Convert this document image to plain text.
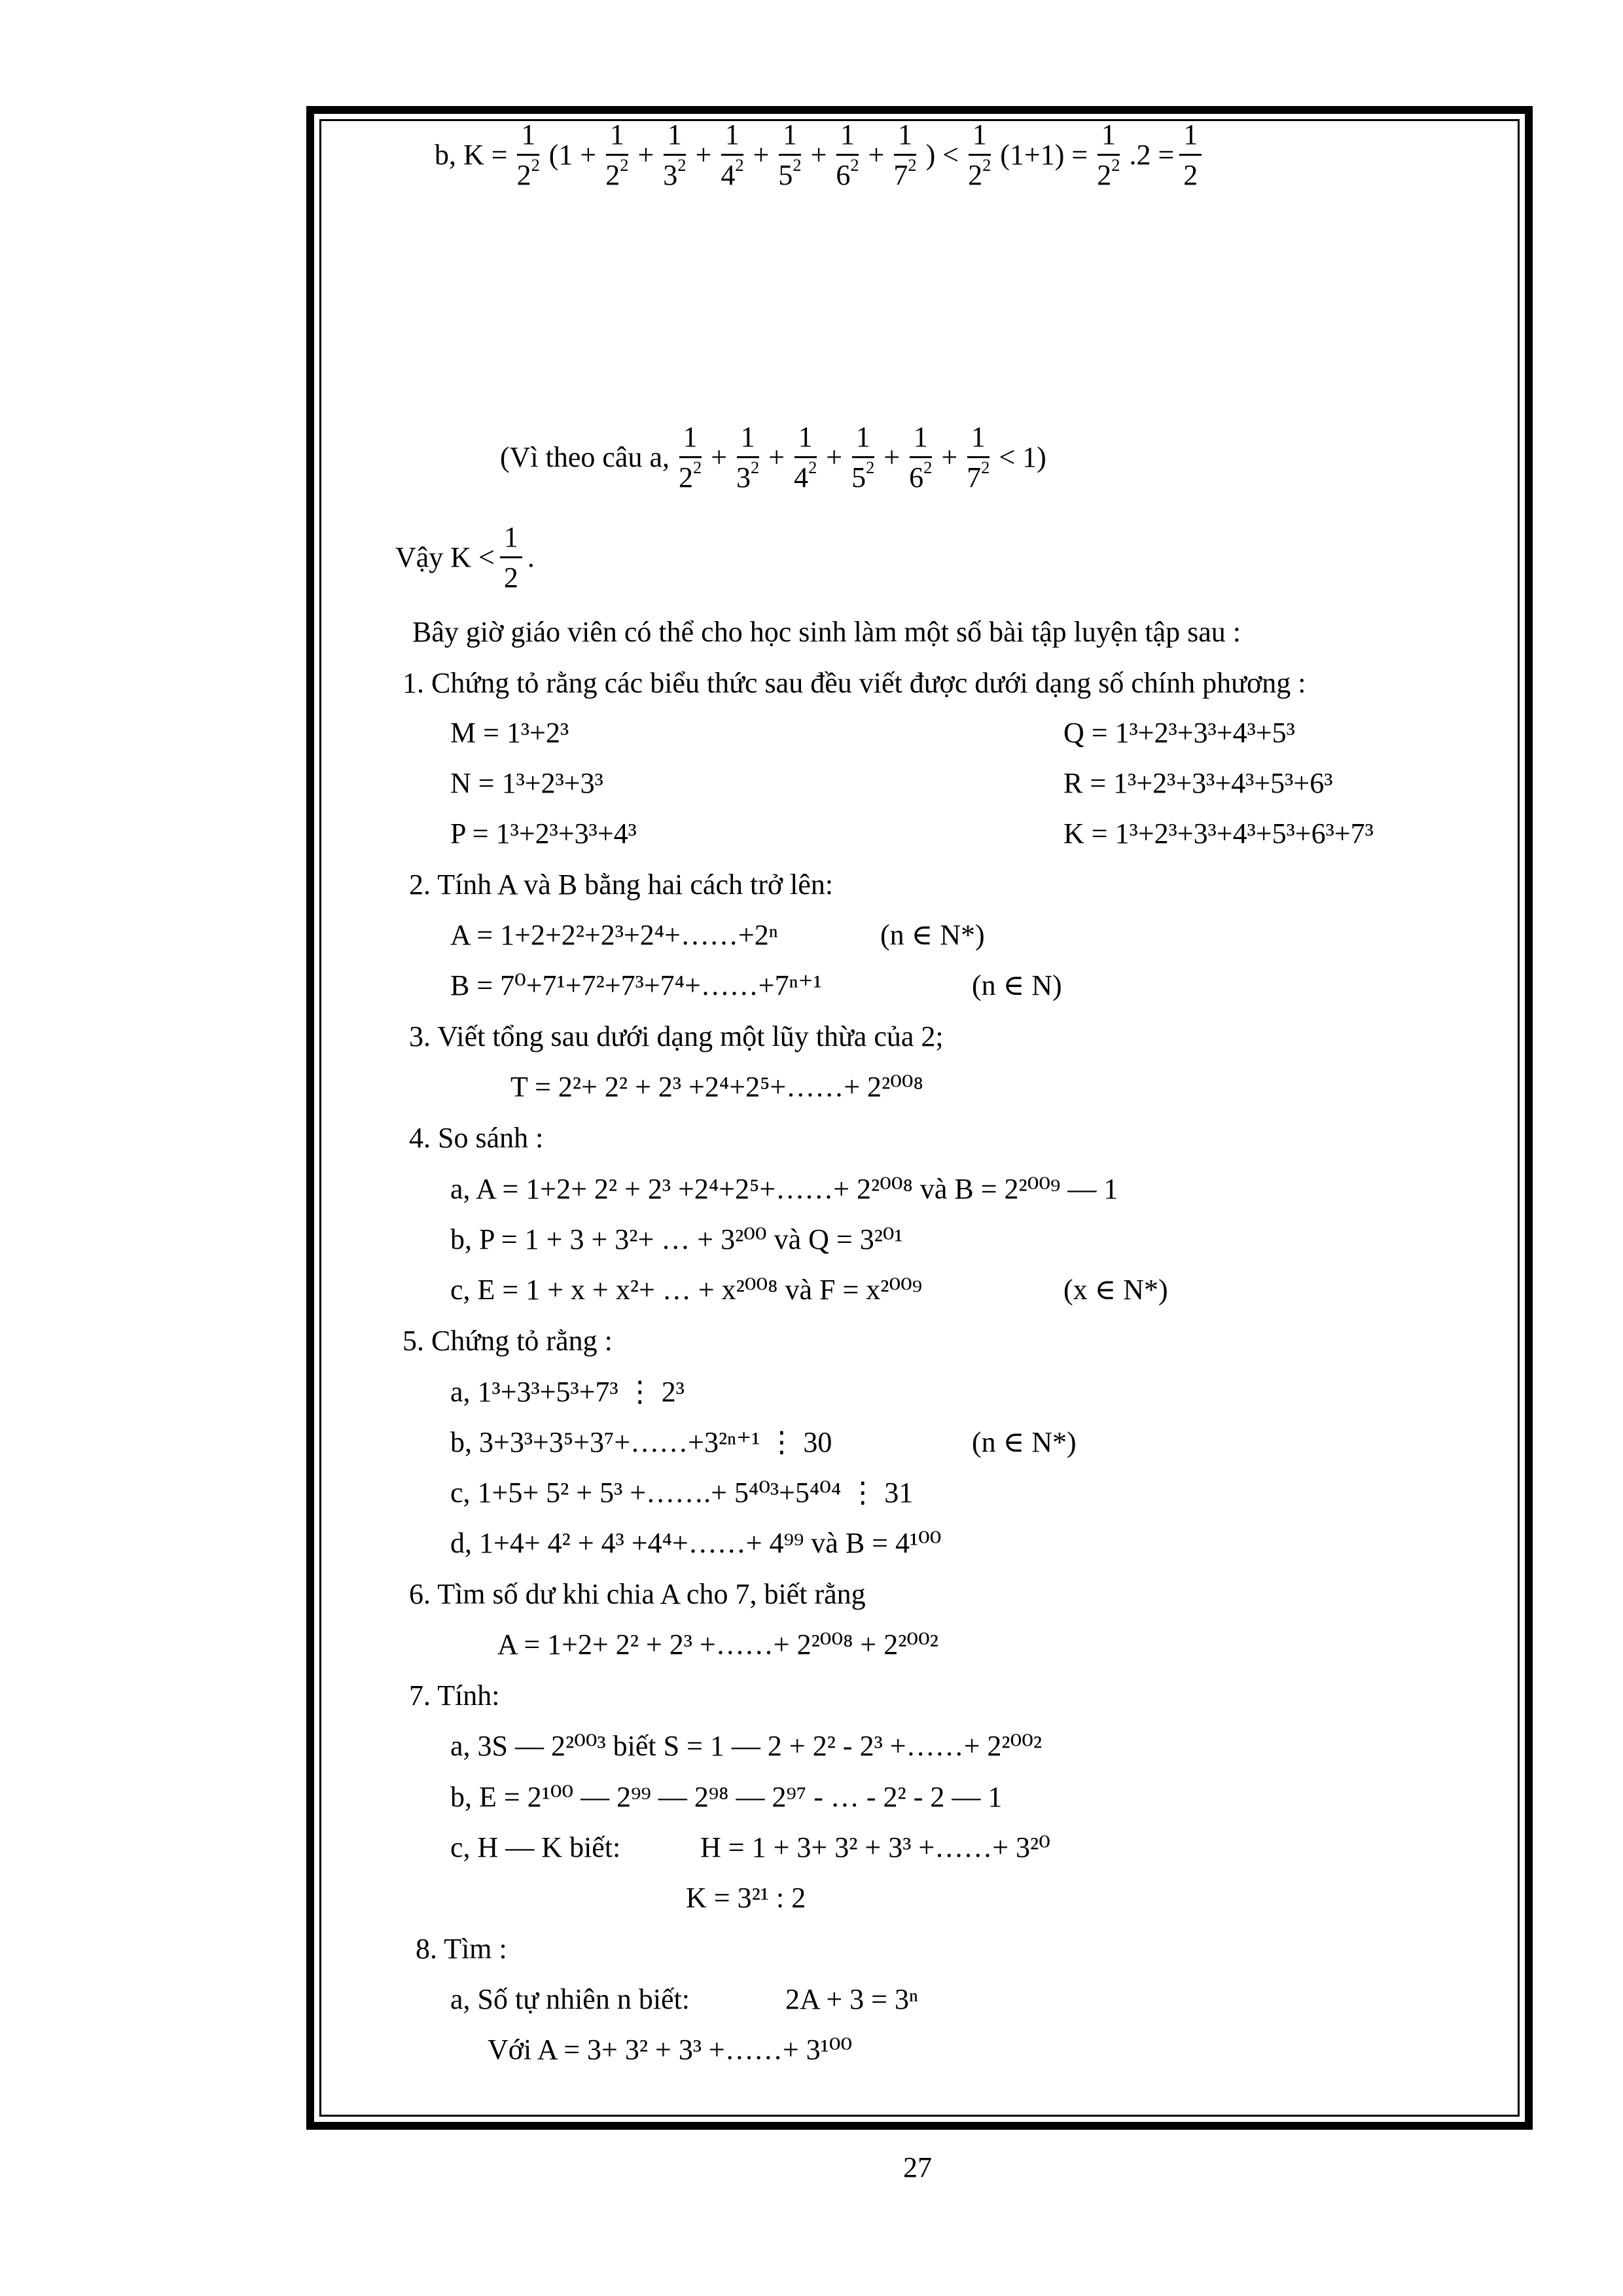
b, $K = \frac{1}{2^2} (1 + \frac{1}{2^2} + \frac{1}{3^2} + \frac{1}{4^2} + \frac{1}{5^2} + \frac{1}{6^2} + \frac{1}{7^2}$ ) < $\frac{1}{2^2} (1+1) = \frac{1}{2^2} .2 = \frac{1}{2}$
(Vì theo câu a, $\frac{1}{2^2} + \frac{1}{3^2} + \frac{1}{4^2} + \frac{1}{5^2} + \frac{1}{6^2} + \frac{1}{7^2} < 1$)
Vậy $K < \frac{1}{2}$ .
Bây giờ giáo viên có thể cho học sinh làm một số bài tập luyện tập sau :
1. Chứng tỏ rằng các biểu thức sau đều viết được dưới dạng số chính phương :
M = 1³+2³	Q = 1³+2³+3³+4³+5³
N = 1³+2³+3³	R = 1³+2³+3³+4³+5³+6³
P = 1³+2³+3³+4³	K = 1³+2³+3³+4³+5³+6³+7³
2. Tính A và B bằng hai cách trở lên:
A = 1+2+2²+2³+2⁴+……+2ⁿ	(n ∈ N*)
B = 7⁰+7¹+7²+7³+7⁴+……+7ⁿ⁺¹	(n ∈ N)
3. Viết tổng sau dưới dạng một lũy thừa của 2;
T = 2²+ 2² + 2³ +2⁴+2⁵+……+ 2²⁰⁰⁸
4. So sánh :
a, A = 1+2+ 2² + 2³ +2⁴+2⁵+……+ 2²⁰⁰⁸ và B = 2²⁰⁰⁹ — 1
b, P = 1 + 3 + 3²+ … + 3²⁰⁰ và Q = 3²⁰¹
c, E = 1 + x + x²+ … + x²⁰⁰⁸ và F = x²⁰⁰⁹	(x ∈ N*)
5. Chứng tỏ rằng :
a, 1³+3³+5³+7³ ⋮ 2³
b, 3+3³+3⁵+3⁷+……+3²ⁿ⁺¹ ⋮ 30	(n ∈ N*)
c, 1+5+ 5² + 5³ +…….+ 5⁴⁰³+5⁴⁰⁴ ⋮ 31
d, 1+4+ 4² + 4³ +4⁴+……+ 4⁹⁹ và B = 4¹⁰⁰
6. Tìm số dư khi chia A cho 7, biết rằng
A = 1+2+ 2² + 2³ +……+ 2²⁰⁰⁸ + 2²⁰⁰²
7. Tính:
a, 3S — 2²⁰⁰³ biết S = 1 — 2 + 2² - 2³ +……+ 2²⁰⁰²
b, E = 2¹⁰⁰ — 2⁹⁹ — 2⁹⁸ — 2⁹⁷ - … - 2² - 2 — 1
c, H — K biết:	H = 1 + 3+ 3² + 3³ +……+ 3²⁰
K = 3²¹ : 2
8. Tìm :
a, Số tự nhiên n biết:	2A + 3 = 3ⁿ
Với A = 3+ 3² + 3³ +……+ 3¹⁰⁰
27
